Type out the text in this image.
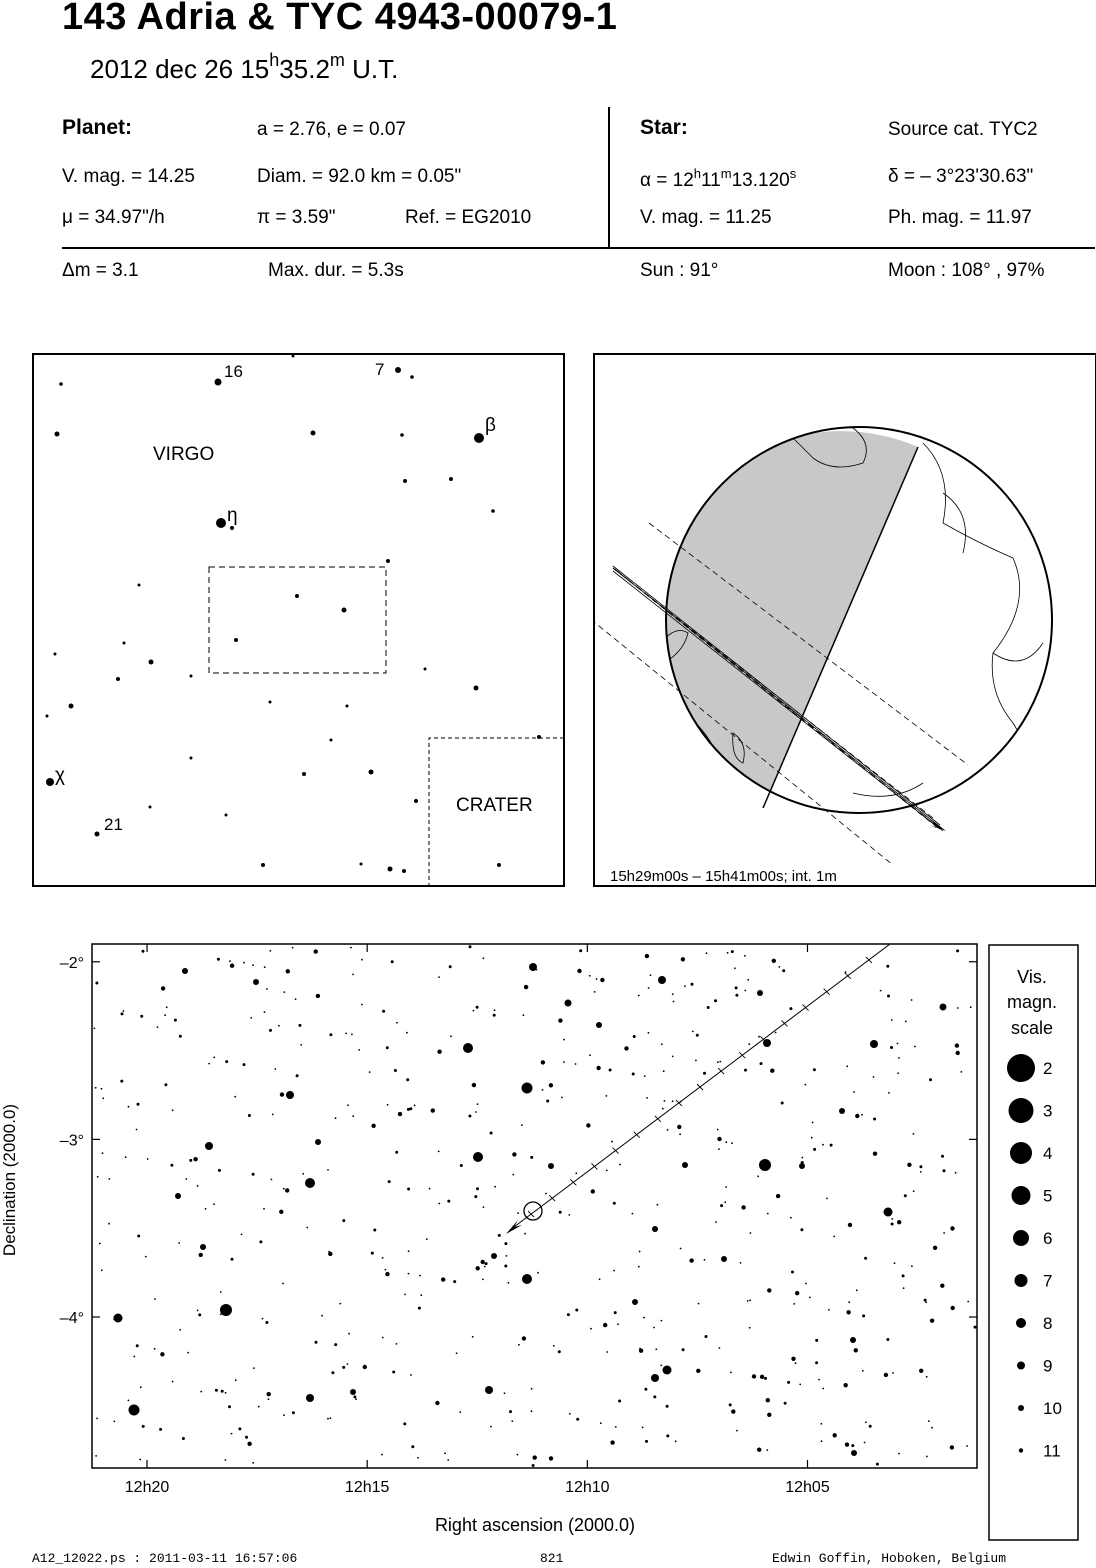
143 Adria & TYC 4943-00079-1
2012 dec 26 15$^h$35.2$^m$ U.T.
Planet:	a = 2.76, e = 0.07
V. mag. = 14.25	Diam. = 92.0 km = 0.05"
μ = 34.97"/h	π = 3.59"	Ref. = EG2010
Δm = 3.1	Max. dur. = 5.3s
Star:	Source cat. TYC2
$\alpha = 12^h11^m13.120^s$	δ = – 3°23'30.63"
V. mag. = 11.25	Ph. mag. = 11.97
Sun : 91°	Moon : 108° , 97%
VIRGO
CRATER
16	7
β
η
χ
21
15h29m00s – 15h41m00s; int. 1m
12h20	12h15	12h10	12h05
–2°
–3°
–4°
Right ascension (2000.0)
Declination (2000.0)
Vis.
magn.
scale
2
3
4
5
6
7
8
9
10
11
A12_12022.ps : 2011-03-11 16:57:06	821	Edwin Goffin, Hoboken, Belgium
